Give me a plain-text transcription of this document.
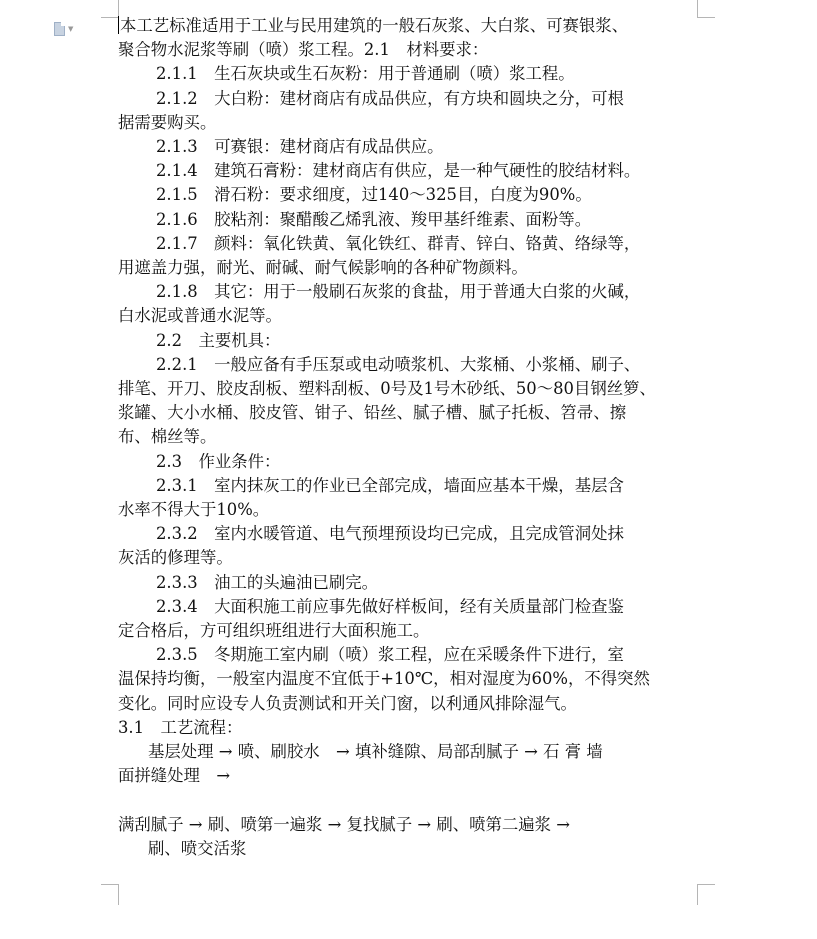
▼	本工艺标准适用于工业与民用建筑的一般石灰浆、大白浆、可赛银浆、

聚合物水泥浆等刷（喷）浆工程。2.1　材料要求：

2.1.1　生石灰块或生石灰粉：用于普通刷（喷）浆工程。

2.1.2　大白粉：建材商店有成品供应，有方块和圆块之分，可根

据需要购买。

2.1.3　可赛银：建材商店有成品供应。

2.1.4　建筑石膏粉：建材商店有供应，是一种气硬性的胶结材料。

2.1.5　滑石粉：要求细度，过140～325目，白度为90%。

2.1.6　胶粘剂：聚醋酸乙烯乳液、羧甲基纤维素、面粉等。

2.1.7　颜料：氧化铁黄、氧化铁红、群青、锌白、铬黄、络绿等，

用遮盖力强，耐光、耐碱、耐气候影响的各种矿物颜料。

2.1.8　其它：用于一般刷石灰浆的食盐，用于普通大白浆的火碱，

白水泥或普通水泥等。

2.2　主要机具：

2.2.1　一般应备有手压泵或电动喷浆机、大浆桶、小浆桶、刷子、

排笔、开刀、胶皮刮板、塑料刮板、0号及1号木砂纸、50～80目钢丝箩、

浆罐、大小水桶、胶皮管、钳子、铅丝、腻子槽、腻子托板、笤帚、擦

布、棉丝等。

2.3　作业条件：

2.3.1　室内抹灰工的作业已全部完成，墙面应基本干燥，基层含

水率不得大于10%。

2.3.2　室内水暖管道、电气预埋预设均已完成，且完成管洞处抹

灰活的修理等。

2.3.3　油工的头遍油已刷完。

2.3.4　大面积施工前应事先做好样板间，经有关质量部门检查鉴

定合格后，方可组织班组进行大面积施工。

2.3.5　冬期施工室内刷（喷）浆工程，应在采暖条件下进行，室

温保持均衡，一般室内温度不宜低于+10℃，相对湿度为60%，不得突然

变化。同时应设专人负责测试和开关门窗，以利通风排除湿气。

3.1　工艺流程：

基层处理 → 喷、刷胶水　→ 填补缝隙、局部刮腻子 → 石 膏 墙

面拼缝处理　→

满刮腻子 → 刷、喷第一遍浆 → 复找腻子 → 刷、喷第二遍浆 →

刷、喷交活浆
